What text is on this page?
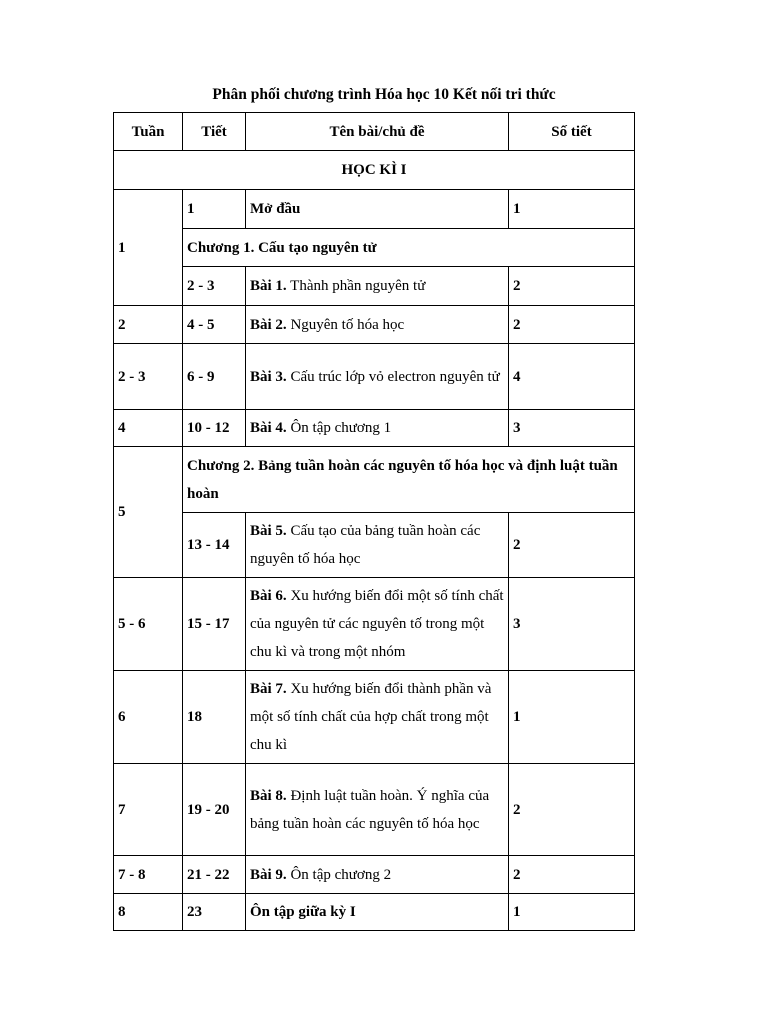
Phân phối chương trình Hóa học 10 Kết nối tri thức
Tuần	Tiết	Tên bài/chủ đề	Số tiết
HỌC KÌ I			
1	1	Mở đầu	1
	Chương 1. Cấu tạo nguyên tử		
	2 - 3	Bài 1. Thành phần nguyên tử	2
2	4 - 5	Bài 2. Nguyên tố hóa học	2
2 - 3	6 - 9	Bài 3. Cấu trúc lớp vỏ electron nguyên tử	4
4	10 - 12	Bài 4. Ôn tập chương 1	3
5	Chương 2. Bảng tuần hoàn các nguyên tố hóa học và định luật tuần hoàn		
	13 - 14	Bài 5. Cấu tạo của bảng tuần hoàn các nguyên tố hóa học	2
5 - 6	15 - 17	Bài 6. Xu hướng biến đổi một số tính chất của nguyên tử các nguyên tố trong một chu kì và trong một nhóm	3
6	18	Bài 7. Xu hướng biến đổi thành phần và một số tính chất của hợp chất trong một chu kì	1
7	19 - 20	Bài 8. Định luật tuần hoàn. Ý nghĩa của bảng tuần hoàn các nguyên tố hóa học	2
7 - 8	21 - 22	Bài 9. Ôn tập chương 2	2
8	23	Ôn tập giữa kỳ I	1
